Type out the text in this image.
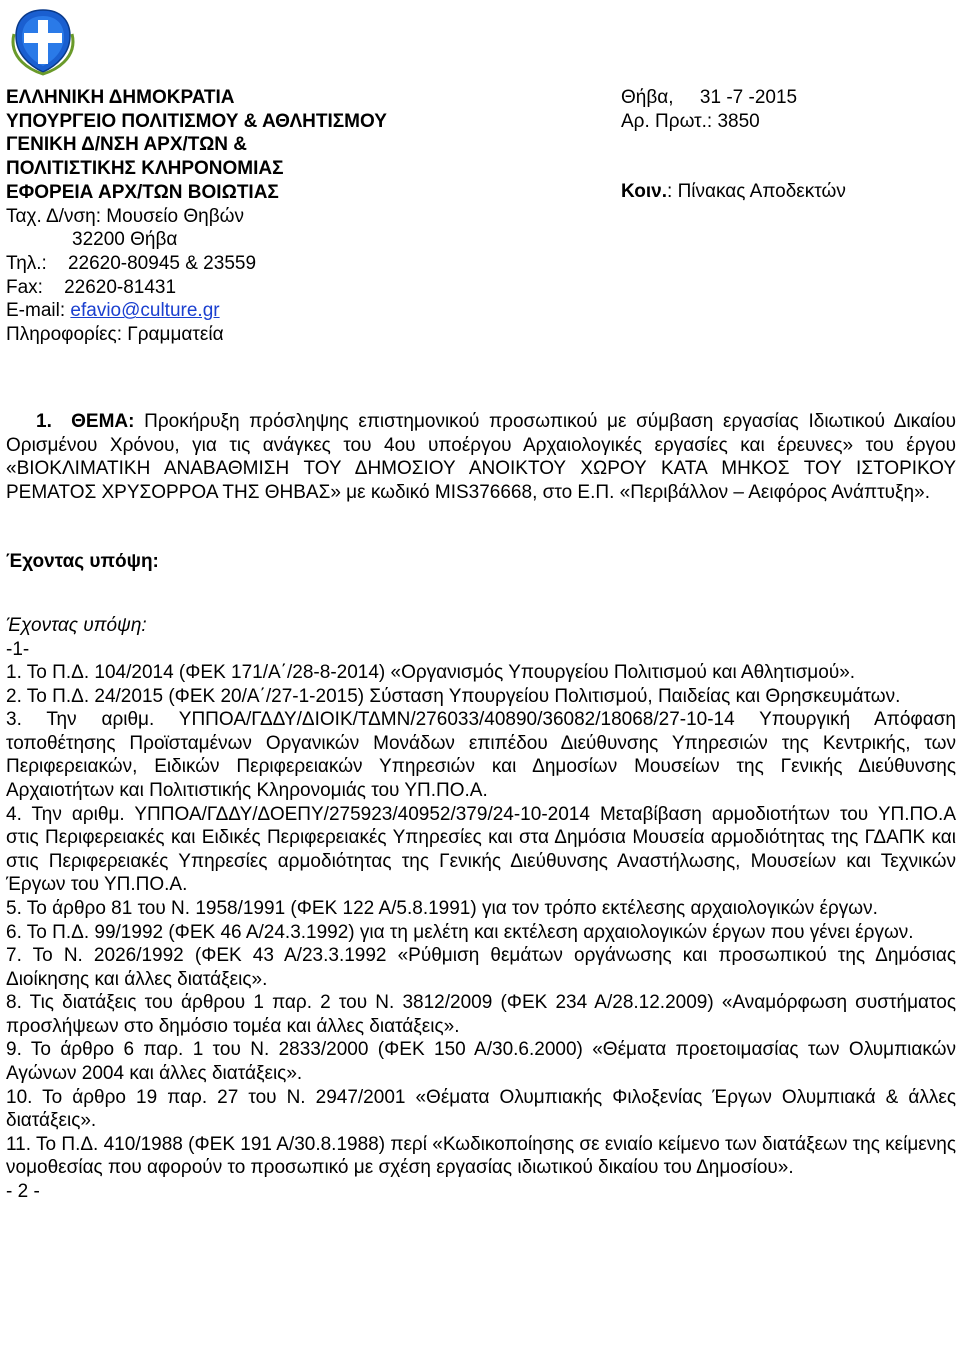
ΕΛΛΗΝΙΚΗ ΔΗΜΟΚΡΑΤΙΑ
ΥΠΟΥΡΓΕΙΟ ΠΟΛΙΤΙΣΜΟΥ & ΑΘΛΗΤΙΣΜΟΥ
ΓΕΝΙΚΗ Δ/ΝΣΗ ΑΡΧ/ΤΩΝ &
ΠΟΛΙΤΙΣΤΙΚΗΣ ΚΛΗΡΟΝΟΜΙΑΣ
ΕΦΟΡΕΙΑ ΑΡΧ/ΤΩΝ ΒΟΙΩΤΙΑΣ
Ταχ. Δ/νση: Μουσείο Θηβών
32200 Θήβα
Τηλ.:    22620-80945 & 23559
Fax:    22620-81431
E-mail: efavio@culture.gr
Πληροφορίες: Γραμματεία
Θήβα,     31 -7 -2015
Αρ. Πρωτ.: 3850
Κοιν.: Πίνακας Αποδεκτών

1.  ΘΕΜΑ: Προκήρυξη πρόσληψης επιστημονικού προσωπικού με σύμβαση εργασίας Ιδιωτικού Δικαίου Ορισμένου Χρόνου, για τις ανάγκες του 4ου υποέργου Αρχαιολογικές εργασίες και έρευνες» του έργου «ΒΙΟΚΛΙΜΑΤΙΚΗ ΑΝΑΒΑΘΜΙΣΗ ΤΟΥ ΔΗΜΟΣΙΟΥ ΑΝΟΙΚΤΟΥ ΧΩΡΟΥ ΚΑΤΑ ΜΗΚΟΣ ΤΟΥ ΙΣΤΟΡΙΚΟΥ ΡΕΜΑΤΟΣ ΧΡΥΣΟΡΡΟΑ ΤΗΣ ΘΗΒΑΣ» με κωδικό MIS376668, στο Ε.Π. «Περιβάλλον – Αειφόρος Ανάπτυξη».

Έχοντας υπόψη:

Έχοντας υπόψη:

-1-

1. Το Π.Δ. 104/2014 (ΦΕΚ 171/Α΄/28-8-2014) «Οργανισμός Υπουργείου Πολιτισμού και Αθλητισμού».

2. Το Π.Δ. 24/2015 (ΦΕΚ 20/Α΄/27-1-2015) Σύσταση Υπουργείου Πολιτισμού, Παιδείας και Θρησκευμάτων.

3. Την αριθμ. ΥΠΠΟΑ/ΓΔΔΥ/ΔΙΟΙΚ/ΤΔΜΝ/276033/40890/36082/18068/27-10-14 Υπουργική Απόφαση τοποθέτησης Προϊσταμένων Οργανικών Μονάδων επιπέδου Διεύθυνσης Υπηρεσιών της Κεντρικής, των Περιφερειακών, Ειδικών Περιφερειακών Υπηρεσιών και Δημοσίων Μουσείων της Γενικής Διεύθυνσης Αρχαιοτήτων και Πολιτιστικής Κληρονομιάς του ΥΠ.ΠΟ.Α.

4. Την αριθμ. ΥΠΠΟΑ/ΓΔΔΥ/ΔΟΕΠΥ/275923/40952/379/24-10-2014 Μεταβίβαση αρμοδιοτήτων του ΥΠ.ΠΟ.Α στις Περιφερειακές και Ειδικές Περιφερειακές Υπηρεσίες και στα Δημόσια Μουσεία αρμοδιότητας της ΓΔΑΠΚ και στις Περιφερειακές Υπηρεσίες αρμοδιότητας της Γενικής Διεύθυνσης Αναστήλωσης, Μουσείων και Τεχνικών Έργων του ΥΠ.ΠΟ.Α.

5. Το άρθρο 81 του Ν. 1958/1991 (ΦΕΚ 122 Α/5.8.1991) για τον τρόπο εκτέλεσης αρχαιολογικών έργων.

6. Το Π.Δ. 99/1992 (ΦΕΚ 46 Α/24.3.1992) για τη μελέτη και εκτέλεση αρχαιολογικών έργων που γένει έργων.

7. Το Ν. 2026/1992 (ΦΕΚ 43 Α/23.3.1992 «Ρύθμιση θεμάτων οργάνωσης και προσωπικού της Δημόσιας Διοίκησης και άλλες διατάξεις».

8. Τις διατάξεις του άρθρου 1 παρ. 2 του Ν. 3812/2009 (ΦΕΚ 234 Α/28.12.2009) «Αναμόρφωση συστήματος προσλήψεων στο δημόσιο τομέα και άλλες διατάξεις».

9. Το άρθρο 6 παρ. 1 του Ν. 2833/2000 (ΦΕΚ 150 Α/30.6.2000) «Θέματα προετοιμασίας των Ολυμπιακών Αγώνων 2004 και άλλες διατάξεις».

10. Το άρθρο 19 παρ. 27 του Ν. 2947/2001 «Θέματα Ολυμπιακής Φιλοξενίας Έργων Ολυμπιακά & άλλες διατάξεις».

11. Το Π.Δ. 410/1988 (ΦΕΚ 191 Α/30.8.1988) περί «Κωδικοποίησης σε ενιαίο κείμενο των διατάξεων της κείμενης νομοθεσίας που αφορούν το προσωπικό με σχέση εργασίας ιδιωτικού δικαίου του Δημοσίου».

- 2 -
